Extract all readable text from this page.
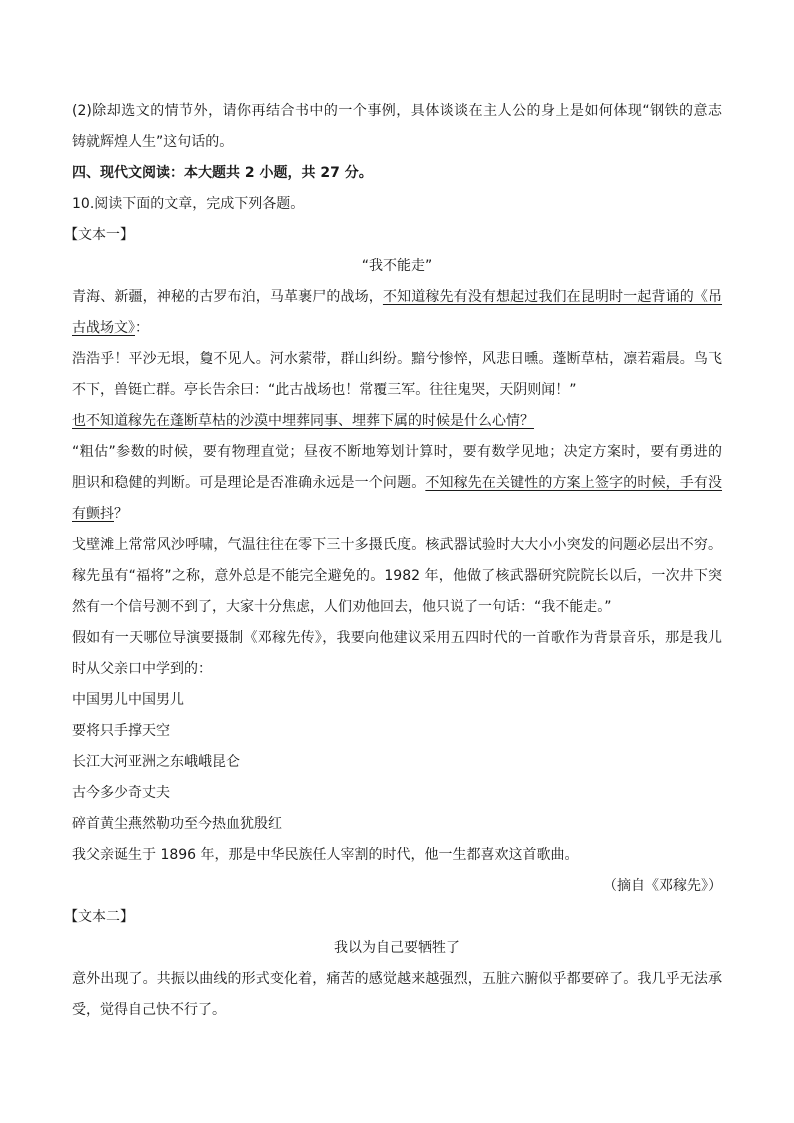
(2)除却选文的情节外，请你再结合书中的一个事例，具体谈谈在主人公的身上是如何体现“钢铁的意志

铸就辉煌人生”这句话的。

四、现代文阅读：本大题共 2 小题，共 27 分。

10.阅读下面的文章，完成下列各题。

【文本一】

“我不能走”

青海、新疆，神秘的古罗布泊，马革裹尸的战场，不知道稼先有没有想起过我们在昆明时一起背诵的《吊

古战场文》：

浩浩乎！平沙无垠，敻不见人。河水萦带，群山纠纷。黯兮惨悴，风悲日曛。蓬断草枯，凛若霜晨。鸟飞

不下，兽铤亡群。亭长告余曰：“此古战场也！常覆三军。往往鬼哭，天阴则闻！”

也不知道稼先在蓬断草枯的沙漠中埋葬同事、埋葬下属的时候是什么心情？

“粗估”参数的时候，要有物理直觉；昼夜不断地筹划计算时，要有数学见地；决定方案时，要有勇进的

胆识和稳健的判断。可是理论是否准确永远是一个问题。不知稼先在关键性的方案上签字的时候，手有没

有颤抖？

戈壁滩上常常风沙呼啸，气温往往在零下三十多摄氏度。核武器试验时大大小小突发的问题必层出不穷。

稼先虽有“福将”之称，意外总是不能完全避免的。1982 年，他做了核武器研究院院长以后，一次井下突

然有一个信号测不到了，大家十分焦虑，人们劝他回去，他只说了一句话：“我不能走。”

假如有一天哪位导演要摄制《邓稼先传》，我要向他建议采用五四时代的一首歌作为背景音乐，那是我儿

时从父亲口中学到的：

中国男儿中国男儿

要将只手撑天空

长江大河亚洲之东峨峨昆仑

古今多少奇丈夫

碎首黄尘燕然勒功至今热血犹殷红

我父亲诞生于 1896 年，那是中华民族任人宰割的时代，他一生都喜欢这首歌曲。

（摘自《邓稼先》）

【文本二】

我以为自己要牺牲了

意外出现了。共振以曲线的形式变化着，痛苦的感觉越来越强烈，五脏六腑似乎都要碎了。我几乎无法承

受，觉得自己快不行了。
